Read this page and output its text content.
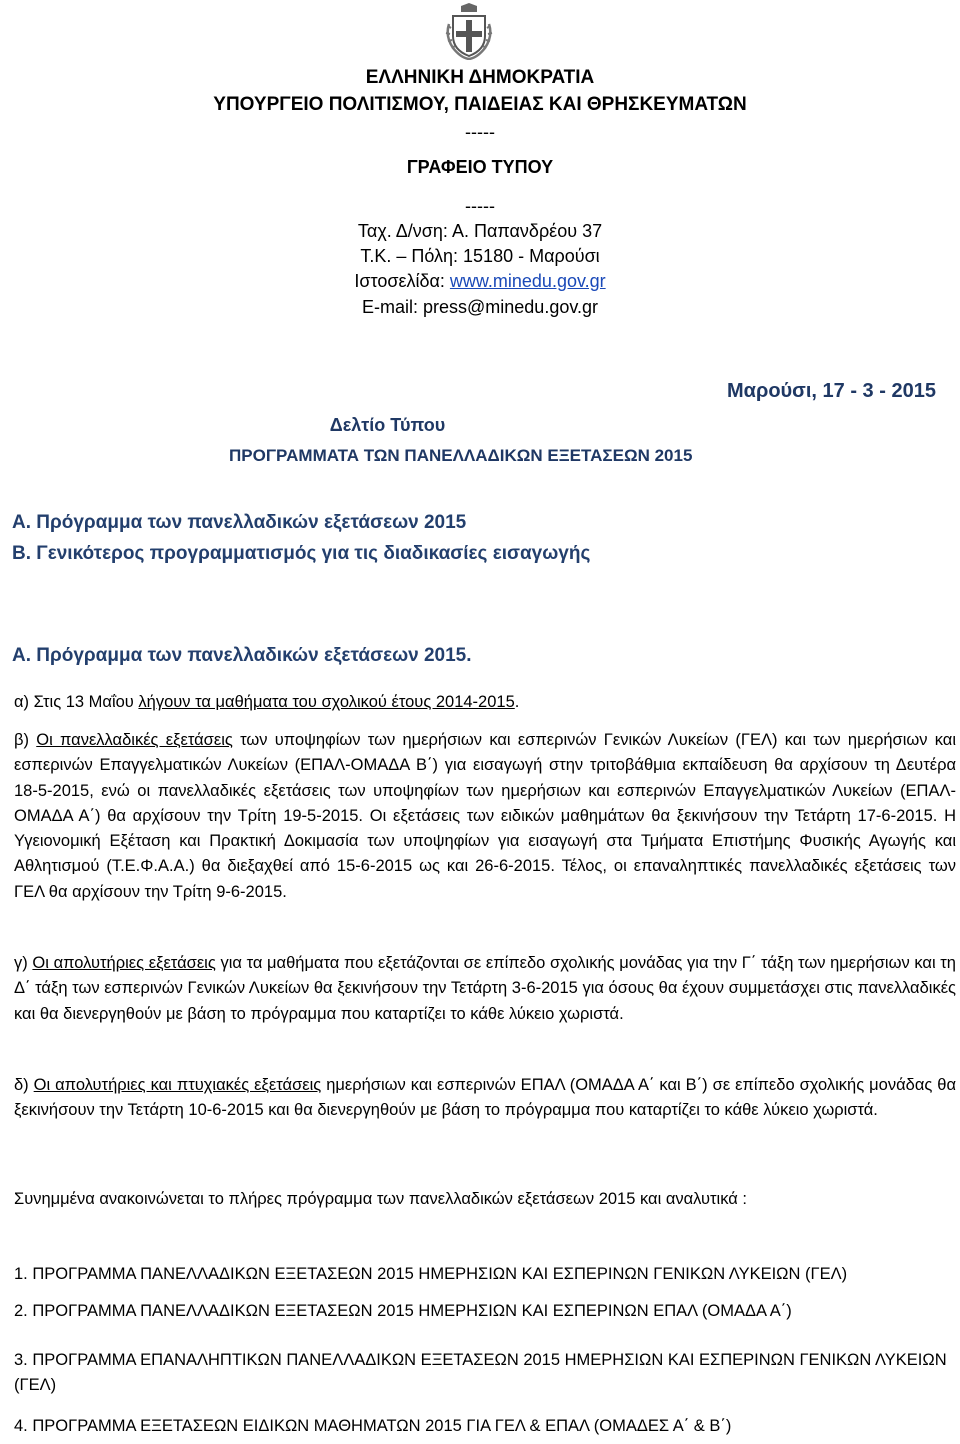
ΕΛΛΗΝΙΚΗ ΔΗΜΟΚΡΑΤΙΑ
ΥΠΟΥΡΓΕΙΟ ΠΟΛΙΤΙΣΜΟΥ, ΠΑΙΔΕΙΑΣ ΚΑΙ ΘΡΗΣΚΕΥΜΑΤΩΝ
-----
ΓΡΑΦΕΙΟ ΤΥΠΟΥ
-----
Ταχ. Δ/νση: Α. Παπανδρέου 37
Τ.Κ. – Πόλη: 15180 - Μαρούσι
Ιστοσελίδα: www.minedu.gov.gr
E-mail: press@minedu.gov.gr
Μαρούσι, 17 - 3 - 2015
Δελτίο Τύπου
ΠΡΟΓΡΑΜΜΑΤΑ ΤΩΝ ΠΑΝΕΛΛΑΔΙΚΩΝ ΕΞΕΤΑΣΕΩΝ 2015
Α. Πρόγραμμα των πανελλαδικών εξετάσεων 2015
Β. Γενικότερος προγραμματισμός για τις διαδικασίες εισαγωγής
Α. Πρόγραμμα των πανελλαδικών εξετάσεων 2015.
α) Στις 13 Μαΐου λήγουν τα μαθήματα του σχολικού έτους 2014-2015.
β) Οι πανελλαδικές εξετάσεις των υποψηφίων των ημερήσιων και εσπερινών Γενικών Λυκείων (ΓΕΛ) και των ημερήσιων και εσπερινών Επαγγελματικών Λυκείων (ΕΠΑΛ-ΟΜΑΔΑ Β΄) για εισαγωγή στην τριτοβάθμια εκπαίδευση θα αρχίσουν τη Δευτέρα 18-5-2015, ενώ οι πανελλαδικές εξετάσεις των υποψηφίων των ημερήσιων και εσπερινών Επαγγελματικών Λυκείων (ΕΠΑΛ-ΟΜΑΔΑ Α΄) θα αρχίσουν την Τρίτη 19-5-2015. Οι εξετάσεις των ειδικών μαθημάτων θα ξεκινήσουν την Τετάρτη 17-6-2015. Η Υγειονομική Εξέταση και Πρακτική Δοκιμασία των υποψηφίων για εισαγωγή στα Τμήματα Επιστήμης Φυσικής Αγωγής και Αθλητισμού (Τ.Ε.Φ.Α.Α.) θα διεξαχθεί από 15-6-2015 ως και 26-6-2015. Τέλος, οι επαναληπτικές πανελλαδικές εξετάσεις των ΓΕΛ θα αρχίσουν την Τρίτη 9-6-2015.
γ) Οι απολυτήριες εξετάσεις για τα μαθήματα που εξετάζονται σε επίπεδο σχολικής μονάδας για την Γ΄ τάξη των ημερήσιων και τη Δ΄ τάξη των εσπερινών Γενικών Λυκείων θα ξεκινήσουν την Τετάρτη 3-6-2015 για όσους θα έχουν συμμετάσχει στις πανελλαδικές και θα διενεργηθούν με βάση το πρόγραμμα που καταρτίζει το κάθε λύκειο χωριστά.
δ) Οι απολυτήριες και πτυχιακές εξετάσεις ημερήσιων και εσπερινών ΕΠΑΛ (ΟΜΑΔΑ Α΄ και Β΄) σε επίπεδο σχολικής μονάδας θα ξεκινήσουν την Τετάρτη 10-6-2015 και θα διενεργηθούν με βάση το πρόγραμμα που καταρτίζει το κάθε λύκειο χωριστά.
Συνημμένα ανακοινώνεται το πλήρες πρόγραμμα των πανελλαδικών εξετάσεων 2015 και αναλυτικά :
1. ΠΡΟΓΡΑΜΜΑ ΠΑΝΕΛΛΑΔΙΚΩΝ ΕΞΕΤΑΣΕΩΝ 2015 ΗΜΕΡΗΣΙΩΝ ΚΑΙ ΕΣΠΕΡΙΝΩΝ ΓΕΝΙΚΩΝ ΛΥΚΕΙΩΝ (ΓΕΛ)
2. ΠΡΟΓΡΑΜΜΑ ΠΑΝΕΛΛΑΔΙΚΩΝ ΕΞΕΤΑΣΕΩΝ 2015 ΗΜΕΡΗΣΙΩΝ ΚΑΙ ΕΣΠΕΡΙΝΩΝ ΕΠΑΛ (ΟΜΑΔΑ Α΄)
3. ΠΡΟΓΡΑΜΜΑ ΕΠΑΝΑΛΗΠΤΙΚΩΝ ΠΑΝΕΛΛΑΔΙΚΩΝ ΕΞΕΤΑΣΕΩΝ 2015 ΗΜΕΡΗΣΙΩΝ ΚΑΙ ΕΣΠΕΡΙΝΩΝ ΓΕΝΙΚΩΝ ΛΥΚΕΙΩΝ (ΓΕΛ)
4. ΠΡΟΓΡΑΜΜΑ ΕΞΕΤΑΣΕΩΝ ΕΙΔΙΚΩΝ ΜΑΘΗΜΑΤΩΝ 2015 ΓΙΑ ΓΕΛ & ΕΠΑΛ (ΟΜΑΔΕΣ Α΄ & Β΄)
